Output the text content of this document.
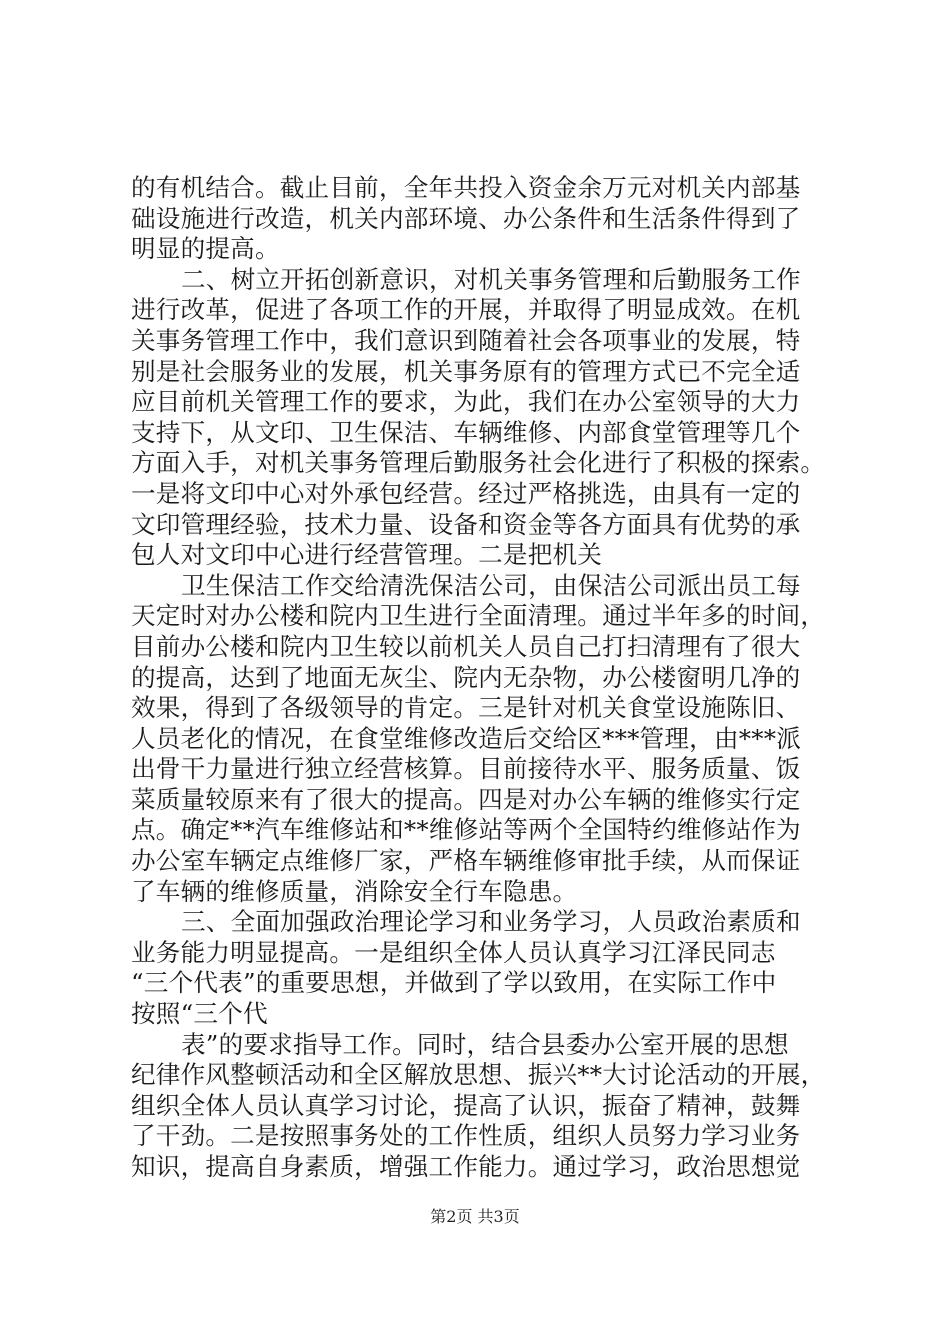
的有机结合。截止目前，全年共投入资金余万元对机关内部基
础设施进行改造，机关内部环境、办公条件和生活条件得到了
明显的提高。
二、树立开拓创新意识，对机关事务管理和后勤服务工作
进行改革，促进了各项工作的开展，并取得了明显成效。在机
关事务管理工作中，我们意识到随着社会各项事业的发展，特
别是社会服务业的发展，机关事务原有的管理方式已不完全适
应目前机关管理工作的要求，为此，我们在办公室领导的大力
支持下，从文印、卫生保洁、车辆维修、内部食堂管理等几个
方面入手，对机关事务管理后勤服务社会化进行了积极的探索。
一是将文印中心对外承包经营。经过严格挑选，由具有一定的
文印管理经验，技术力量、设备和资金等各方面具有优势的承
包人对文印中心进行经营管理。二是把机关
卫生保洁工作交给清洗保洁公司，由保洁公司派出员工每
天定时对办公楼和院内卫生进行全面清理。通过半年多的时间，
目前办公楼和院内卫生较以前机关人员自己打扫清理有了很大
的提高，达到了地面无灰尘、院内无杂物，办公楼窗明几净的
效果，得到了各级领导的肯定。三是针对机关食堂设施陈旧、
人员老化的情况，在食堂维修改造后交给区***管理，由***派
出骨干力量进行独立经营核算。目前接待水平、服务质量、饭
菜质量较原来有了很大的提高。四是对办公车辆的维修实行定
点。确定**汽车维修站和**维修站等两个全国特约维修站作为
办公室车辆定点维修厂家，严格车辆维修审批手续，从而保证
了车辆的维修质量，消除安全行车隐患。
三、全面加强政治理论学习和业务学习，人员政治素质和
业务能力明显提高。一是组织全体人员认真学习江泽民同志
“三个代表”的重要思想，并做到了学以致用，在实际工作中
按照“三个代
表”的要求指导工作。同时，结合县委办公室开展的思想
纪律作风整顿活动和全区解放思想、振兴**大讨论活动的开展，
组织全体人员认真学习讨论，提高了认识，振奋了精神，鼓舞
了干劲。二是按照事务处的工作性质，组织人员努力学习业务
知识，提高自身素质，增强工作能力。通过学习，政治思想觉
第2页 共3页
